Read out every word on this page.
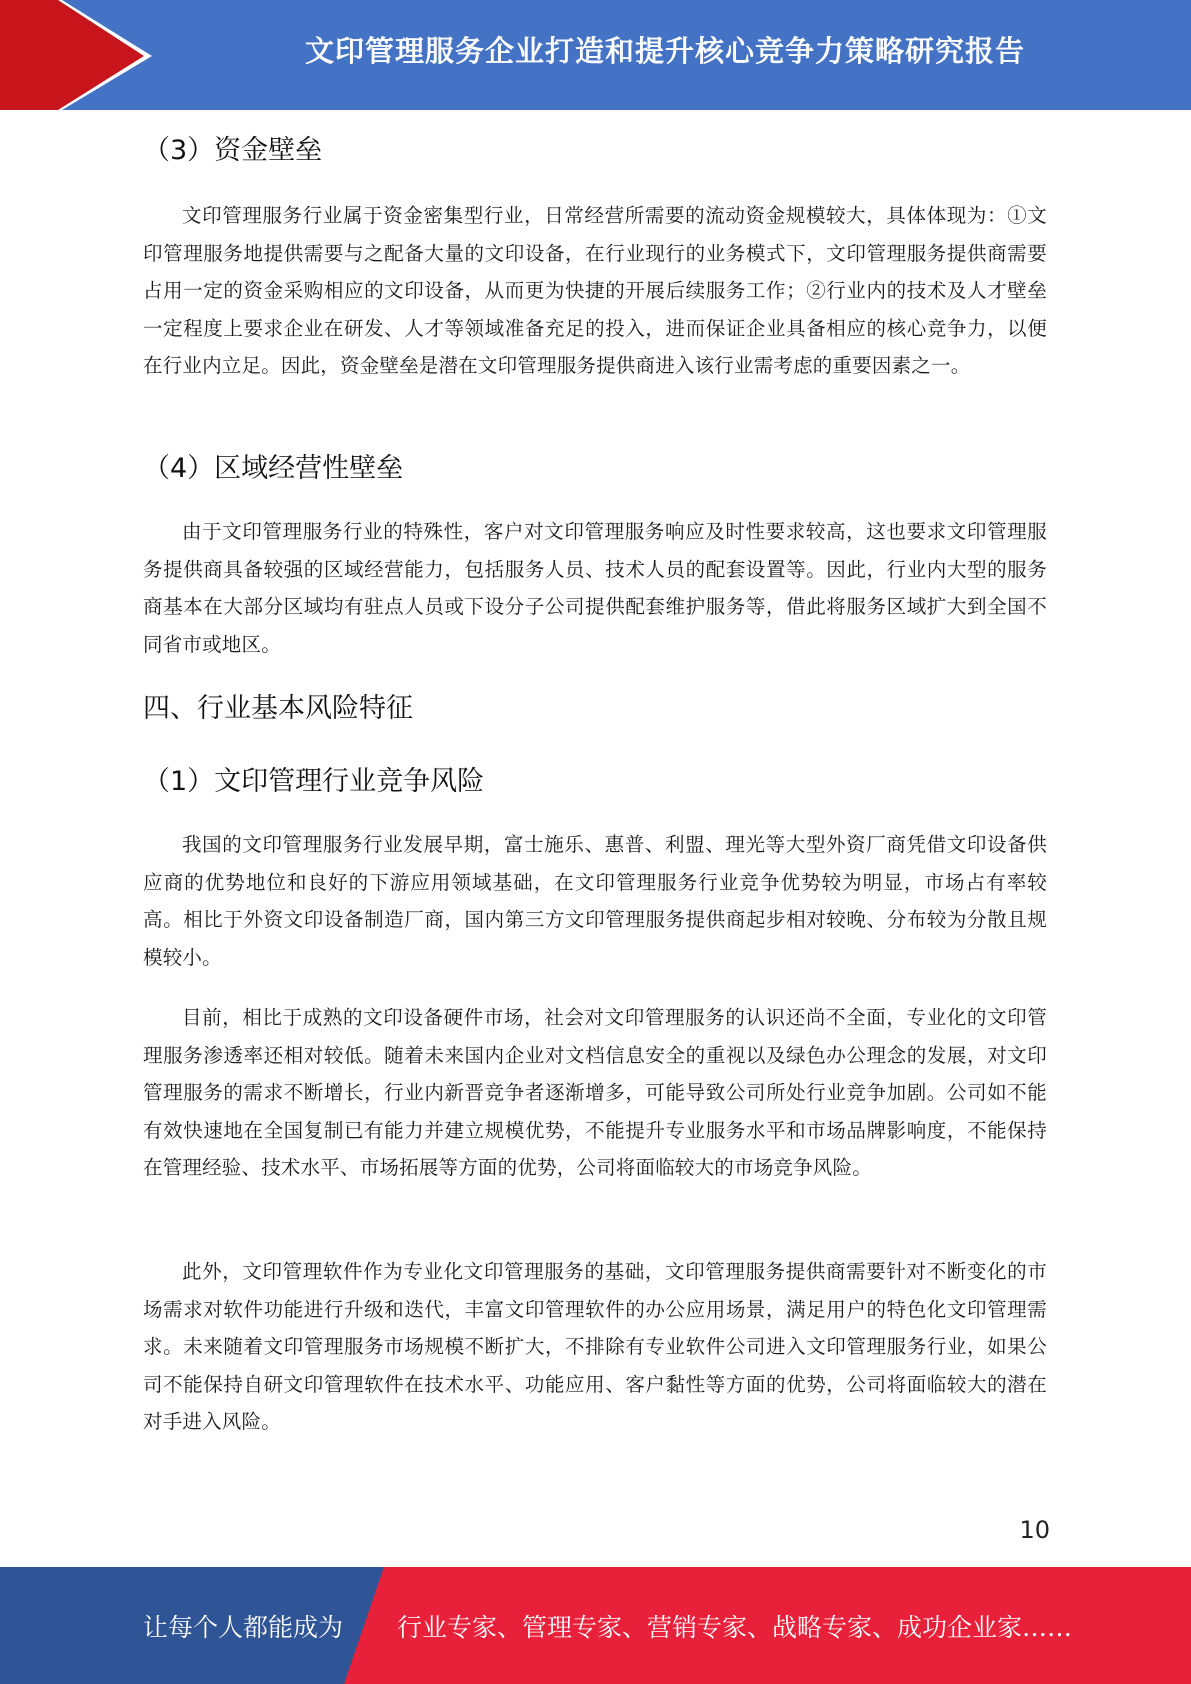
文印管理服务企业打造和提升核心竞争力策略研究报告
（3）资金壁垒

文印管理服务行业属于资金密集型行业，日常经营所需要的流动资金规模较大，具体体现为：①文印管理服务地提供需要与之配备大量的文印设备，在行业现行的业务模式下，文印管理服务提供商需要占用一定的资金采购相应的文印设备，从而更为快捷的开展后续服务工作；②行业内的技术及人才壁垒一定程度上要求企业在研发、人才等领域准备充足的投入，进而保证企业具备相应的核心竞争力，以便在行业内立足。因此，资金壁垒是潜在文印管理服务提供商进入该行业需考虑的重要因素之一。

（4）区域经营性壁垒

由于文印管理服务行业的特殊性，客户对文印管理服务响应及时性要求较高，这也要求文印管理服务提供商具备较强的区域经营能力，包括服务人员、技术人员的配套设置等。因此，行业内大型的服务商基本在大部分区域均有驻点人员或下设分子公司提供配套维护服务等，借此将服务区域扩大到全国不同省市或地区。

四、行业基本风险特征
（1）文印管理行业竞争风险

我国的文印管理服务行业发展早期，富士施乐、惠普、利盟、理光等大型外资厂商凭借文印设备供应商的优势地位和良好的下游应用领域基础，在文印管理服务行业竞争优势较为明显，市场占有率较高。相比于外资文印设备制造厂商，国内第三方文印管理服务提供商起步相对较晚、分布较为分散且规模较小。

目前，相比于成熟的文印设备硬件市场，社会对文印管理服务的认识还尚不全面，专业化的文印管理服务渗透率还相对较低。随着未来国内企业对文档信息安全的重视以及绿色办公理念的发展，对文印管理服务的需求不断增长，行业内新晋竞争者逐渐增多，可能导致公司所处行业竞争加剧。公司如不能有效快速地在全国复制已有能力并建立规模优势，不能提升专业服务水平和市场品牌影响度，不能保持在管理经验、技术水平、市场拓展等方面的优势，公司将面临较大的市场竞争风险。

此外，文印管理软件作为专业化文印管理服务的基础，文印管理服务提供商需要针对不断变化的市场需求对软件功能进行升级和迭代，丰富文印管理软件的办公应用场景，满足用户的特色化文印管理需求。未来随着文印管理服务市场规模不断扩大，不排除有专业软件公司进入文印管理服务行业，如果公司不能保持自研文印管理软件在技术水平、功能应用、客户黏性等方面的优势，公司将面临较大的潜在对手进入风险。

10
让每个人都能成为 行业专家、管理专家、营销专家、战略专家、成功企业家……
